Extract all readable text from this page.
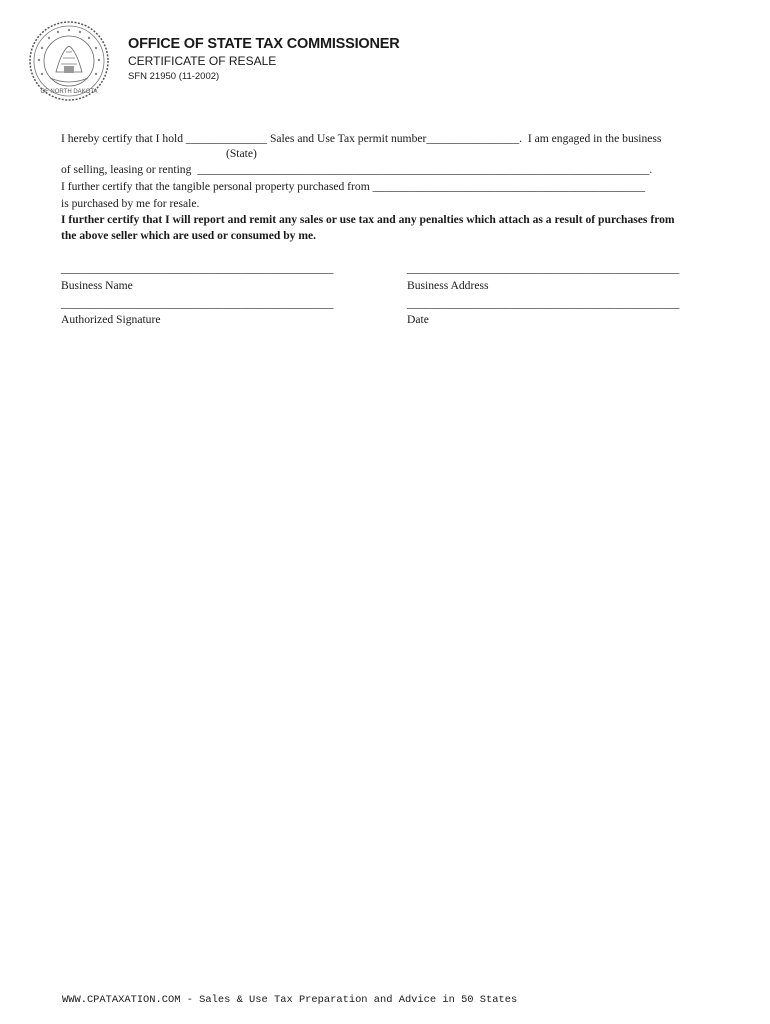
OF NORTH DAKOTA
OFFICE OF STATE TAX COMMISSIONER
CERTIFICATE OF RESALE
SFN 21950 (11-2002)
I hereby certify that I hold ______________ Sales and Use Tax permit number________________.  I am engaged in the business
(State)
of selling, leasing or renting  ______________________________________________________________________________.
I further certify that the tangible personal property purchased from _______________________________________________
is purchased by me for resale.
I further certify that I will report and remit any sales or use tax and any penalties which attach as a result of purchases from
the above seller which are used or consumed by me.
_______________________________________________
Business Name
_______________________________________________
Business Address
_______________________________________________
Authorized Signature
_______________________________________________
Date
WWW.CPATAXATION.COM - Sales & Use Tax Preparation and Advice in 50 States
